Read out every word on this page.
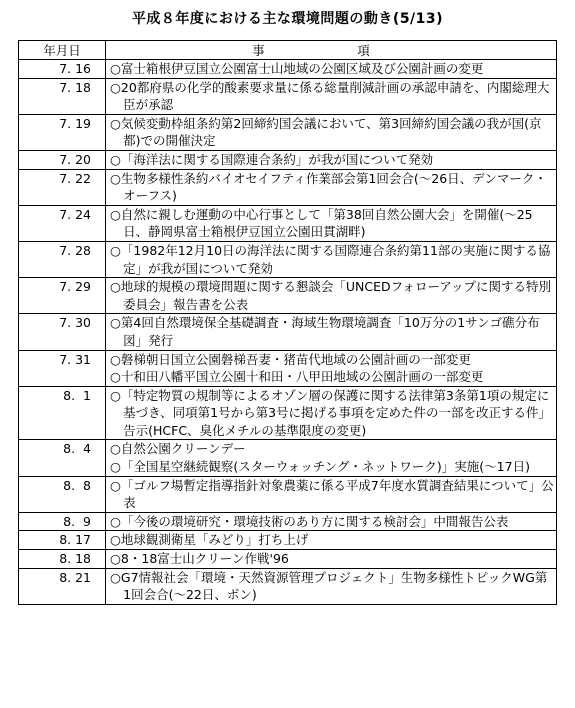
平成８年度における主な環境問題の動き(5/13)
年月日	事　項
7. 16	○富士箱根伊豆国立公園富士山地域の公園区域及び公園計画の変更

7. 18	○20都府県の化学的酸素要求量に係る総量削減計画の承認申請を、内閣総理大臣が承認

7. 19	○気候変動枠組条約第2回締約国会議において、第3回締約国会議の我が国(京都)での開催決定

7. 20	○「海洋法に関する国際連合条約」が我が国について発効

7. 22	○生物多様性条約バイオセイフティ作業部会第1回会合(～26日、デンマーク・オーフス)

7. 24	○自然に親しむ運動の中心行事として「第38回自然公園大会」を開催(～25日、静岡県富士箱根伊豆国立公園田貫湖畔)

7. 28	○「1982年12月10日の海洋法に関する国際連合条約第11部の実施に関する協定」が我が国について発効

7. 29	○地球的規模の環境問題に関する懇談会「UNCEDフォローアップに関する特別委員会」報告書を公表

7. 30	○第4回自然環境保全基礎調査・海域生物環境調査「10万分の1サンゴ礁分布図」発行

7. 31	○磐梯朝日国立公園磐梯吾妻・猪苗代地域の公園計画の一部変更
○十和田八幡平国立公園十和田・八甲田地域の公園計画の一部変更

8.  1	○「特定物質の規制等によるオゾン層の保護に関する法律第3条第1項の規定に基づき、同項第1号から第3号に掲げる事項を定めた件の一部を改正する件」告示(HCFC、臭化メチルの基準限度の変更)

8.  4	○自然公園クリーンデー
○「全国星空継続観察(スターウォッチング・ネットワーク)」実施(～17日)

8.  8	○「ゴルフ場暫定指導指針対象農薬に係る平成7年度水質調査結果について」公表

8.  9	○「今後の環境研究・環境技術のあり方に関する検討会」中間報告公表

8. 17	○地球観測衛星「みどり」打ち上げ

8. 18	○8・18富士山クリーン作戦'96

8. 21	○G7情報社会「環境・天然資源管理プロジェクト」生物多様性トピックWG第1回会合(～22日、ボン)
